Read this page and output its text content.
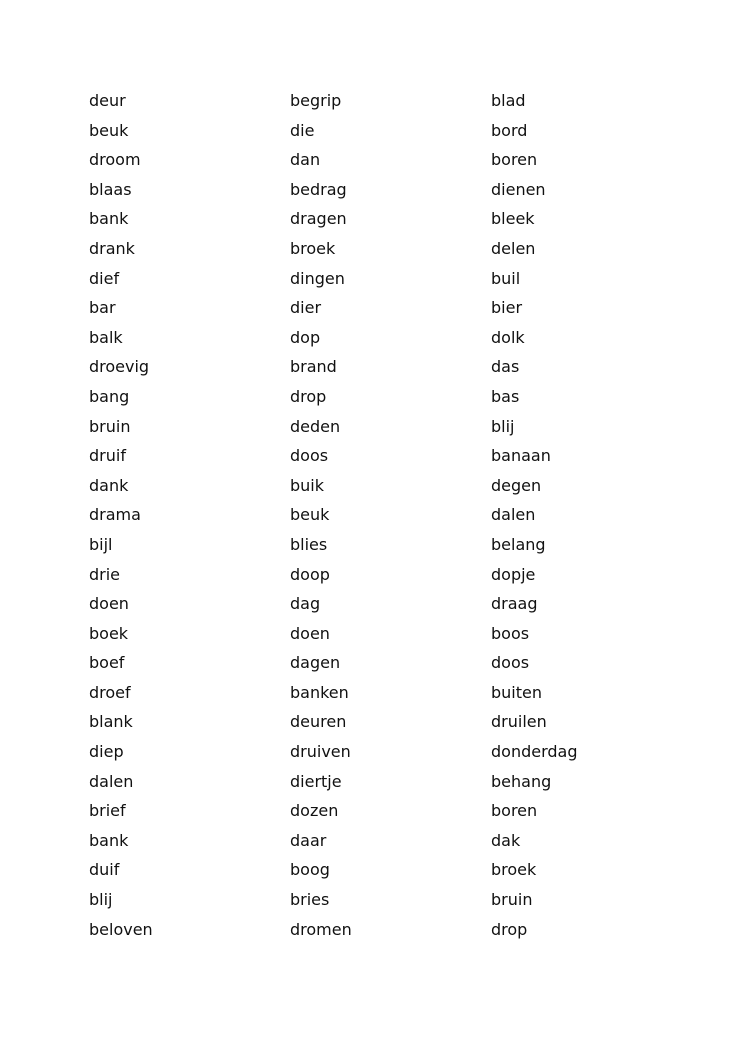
deur
beuk
droom
blaas
bank
drank
dief
bar
balk
droevig
bang
bruin
druif
dank
drama
bijl
drie
doen
boek
boef
droef
blank
diep
dalen
brief
bank
duif
blij
beloven
begrip
die
dan
bedrag
dragen
broek
dingen
dier
dop
brand
drop
deden
doos
buik
beuk
blies
doop
dag
doen
dagen
banken
deuren
druiven
diertje
dozen
daar
boog
bries
dromen
blad
bord
boren
dienen
bleek
delen
buil
bier
dolk
das
bas
blij
banaan
degen
dalen
belang
dopje
draag
boos
doos
buiten
druilen
donderdag
behang
boren
dak
broek
bruin
drop
